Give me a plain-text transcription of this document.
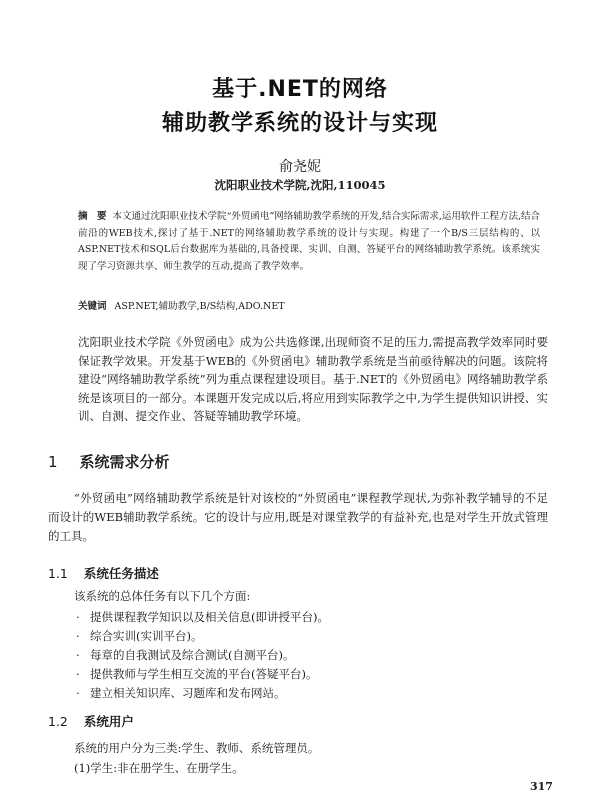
基于.NET的网络
辅助教学系统的设计与实现
俞尧妮
沈阳职业技术学院,沈阳,110045
摘　要 本文通过沈阳职业技术学院“外贸函电”网络辅助教学系统的开发,结合实际需求,运用软件工程方法,结合前沿的WEB技术,探讨了基于.NET的网络辅助教学系统的设计与实现。构建了一个B/S三层结构的、以ASP.NET技术和SQL后台数据库为基础的,具备授课、实训、自测、答疑平台的网络辅助教学系统。该系统实现了学习资源共享、师生教学的互动,提高了教学效率。
关键词 ASP.NET,辅助教学,B/S结构,ADO.NET
沈阳职业技术学院《外贸函电》成为公共选修课,出现师资不足的压力,需提高教学效率同时要保证教学效果。开发基于WEB的《外贸函电》辅助教学系统是当前亟待解决的问题。该院将建设“网络辅助教学系统”列为重点课程建设项目。基于.NET的《外贸函电》网络辅助教学系统是该项目的一部分。本课题开发完成以后,将应用到实际教学之中,为学生提供知识讲授、实训、自测、提交作业、答疑等辅助教学环境。
1 系统需求分析
“外贸函电”网络辅助教学系统是针对该校的“外贸函电”课程教学现状,为弥补教学辅导的不足而设计的WEB辅助教学系统。它的设计与应用,既是对课堂教学的有益补充,也是对学生开放式管理的工具。
1.1 系统任务描述
该系统的总体任务有以下几个方面:
· 提供课程教学知识以及相关信息(即讲授平台)。
· 综合实训(实训平台)。
· 每章的自我测试及综合测试(自测平台)。
· 提供教师与学生相互交流的平台(答疑平台)。
· 建立相关知识库、习题库和发布网站。
1.2 系统用户
系统的用户分为三类:学生、教师、系统管理员。
(1)学生:非在册学生、在册学生。
317
